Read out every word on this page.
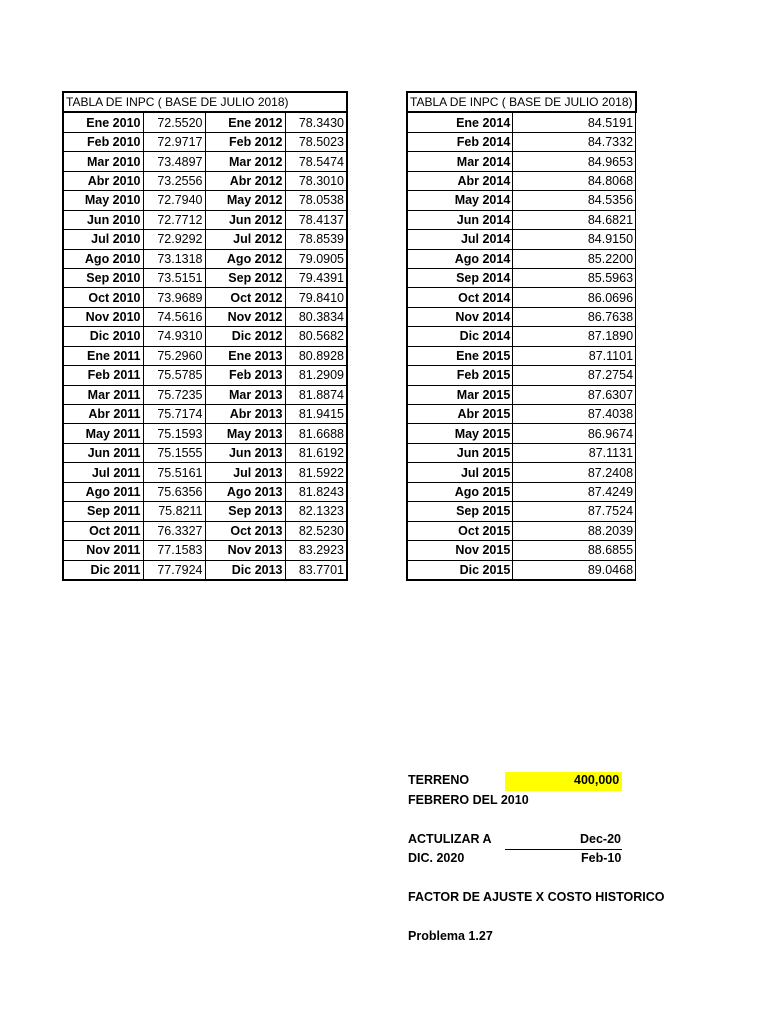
TABLA DE INPC ( BASE DE JULIO 2018)			
Ene 2010	72.5520	Ene 2012	78.3430
Feb 2010	72.9717	Feb 2012	78.5023
Mar 2010	73.4897	Mar 2012	78.5474
Abr 2010	73.2556	Abr 2012	78.3010
May 2010	72.7940	May 2012	78.0538
Jun 2010	72.7712	Jun 2012	78.4137
Jul 2010	72.9292	Jul 2012	78.8539
Ago 2010	73.1318	Ago 2012	79.0905
Sep 2010	73.5151	Sep 2012	79.4391
Oct 2010	73.9689	Oct 2012	79.8410
Nov 2010	74.5616	Nov 2012	80.3834
Dic 2010	74.9310	Dic 2012	80.5682
Ene 2011	75.2960	Ene 2013	80.8928
Feb 2011	75.5785	Feb 2013	81.2909
Mar 2011	75.7235	Mar 2013	81.8874
Abr 2011	75.7174	Abr 2013	81.9415
May 2011	75.1593	May 2013	81.6688
Jun 2011	75.1555	Jun 2013	81.6192
Jul 2011	75.5161	Jul 2013	81.5922
Ago 2011	75.6356	Ago 2013	81.8243
Sep 2011	75.8211	Sep 2013	82.1323
Oct 2011	76.3327	Oct 2013	82.5230
Nov 2011	77.1583	Nov 2013	83.2923
Dic 2011	77.7924	Dic 2013	83.7701
TABLA DE INPC ( BASE DE JULIO 2018)	
Ene 2014	84.5191
Feb 2014	84.7332
Mar 2014	84.9653
Abr 2014	84.8068
May 2014	84.5356
Jun 2014	84.6821
Jul 2014	84.9150
Ago 2014	85.2200
Sep 2014	85.5963
Oct 2014	86.0696
Nov 2014	86.7638
Dic 2014	87.1890
Ene 2015	87.1101
Feb 2015	87.2754
Mar 2015	87.6307
Abr 2015	87.4038
May 2015	86.9674
Jun 2015	87.1131
Jul 2015	87.2408
Ago 2015	87.4249
Sep 2015	87.7524
Oct 2015	88.2039
Nov 2015	88.6855
Dic 2015	89.0468
TERRENO	400,000
FEBRERO DEL 2010
ACTULIZAR A	Dec-20
DIC. 2020	Feb-10
FACTOR DE AJUSTE X COSTO HISTORICO
Problema 1.27
